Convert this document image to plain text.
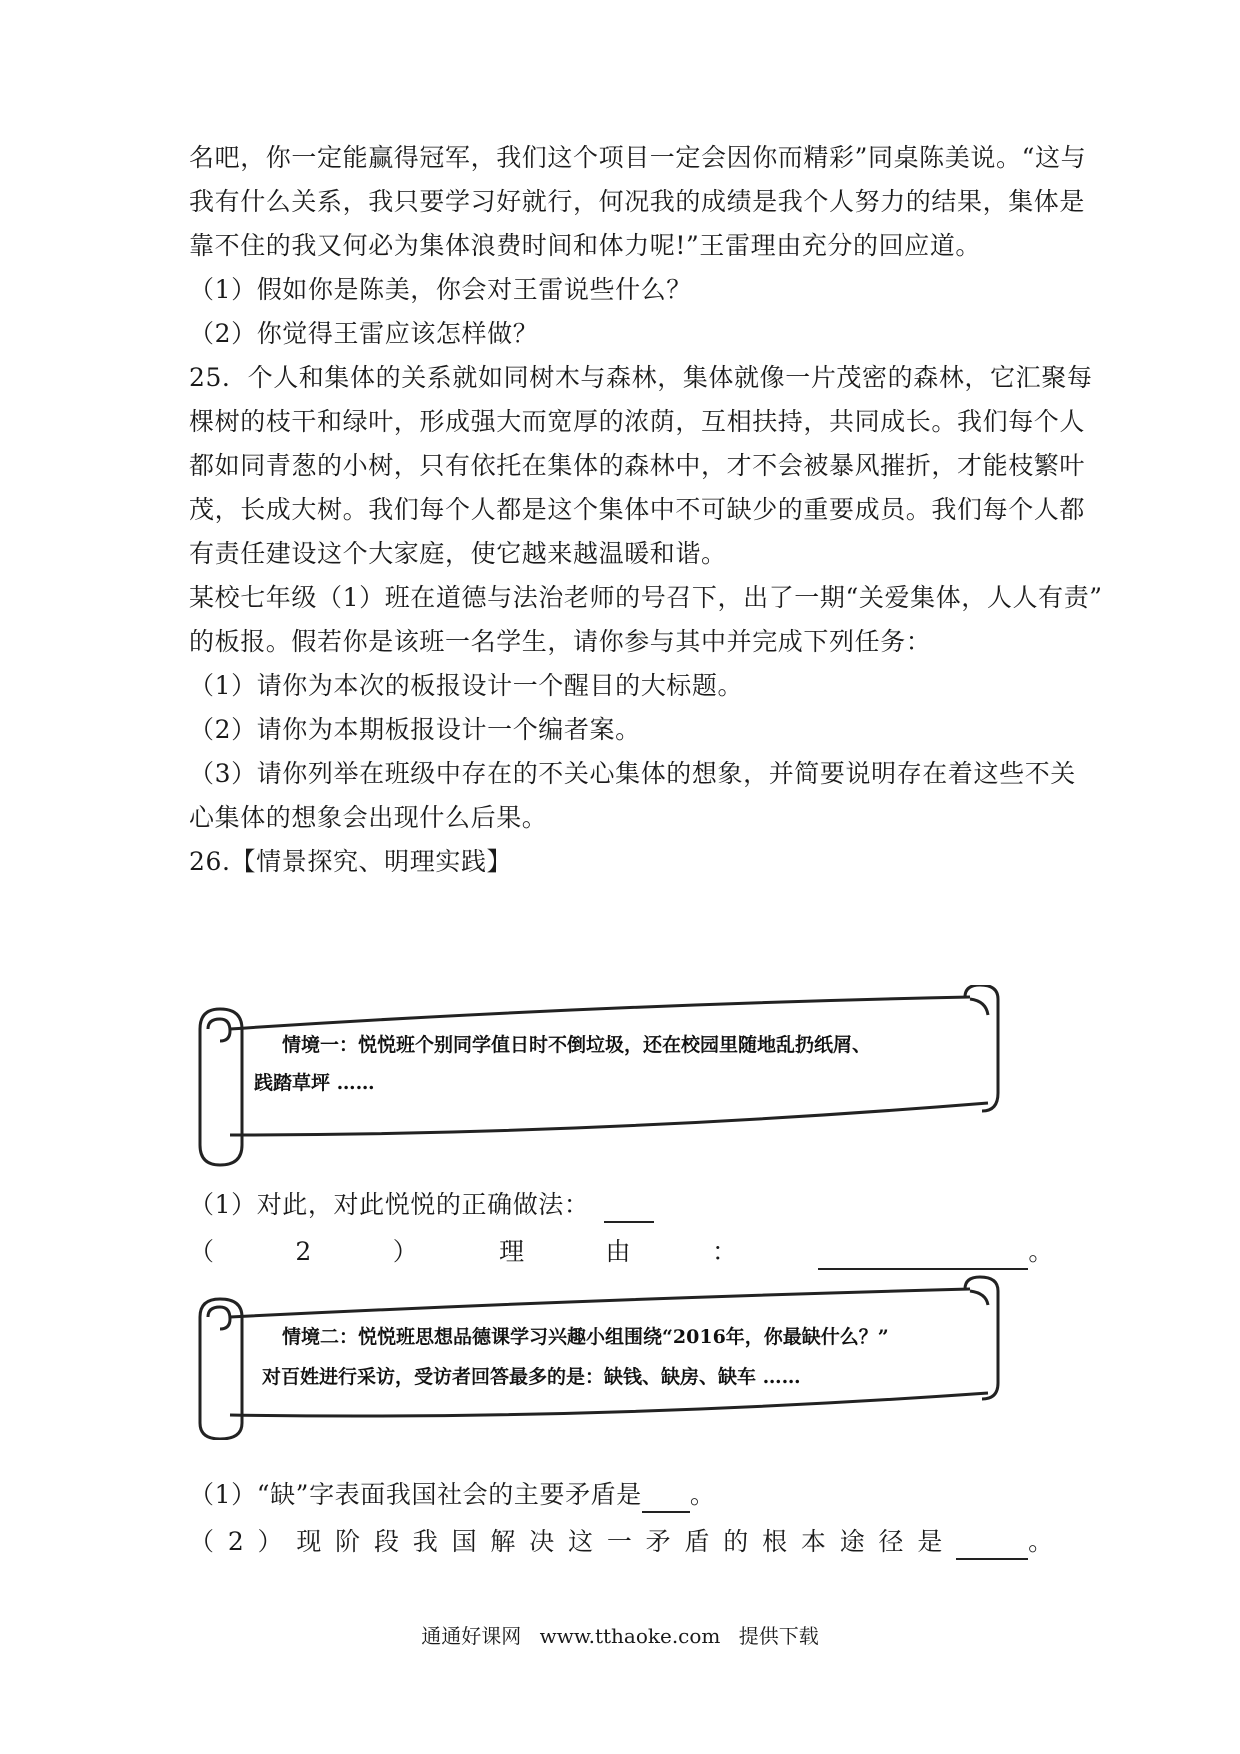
名吧，你一定能赢得冠军，我们这个项目一定会因你而精彩”同桌陈美说。“这与
我有什么关系，我只要学习好就行，何况我的成绩是我个人努力的结果，集体是
靠不住的我又何必为集体浪费时间和体力呢!”王雷理由充分的回应道。
（1）假如你是陈美，你会对王雷说些什么？
（2）你觉得王雷应该怎样做？
25．个人和集体的关系就如同树木与森林，集体就像一片茂密的森林，它汇聚每
棵树的枝干和绿叶，形成强大而宽厚的浓荫，互相扶持，共同成长。我们每个人
都如同青葱的小树，只有依托在集体的森林中，才不会被暴风摧折，才能枝繁叶
茂，长成大树。我们每个人都是这个集体中不可缺少的重要成员。我们每个人都
有责任建设这个大家庭，使它越来越温暖和谐。
某校七年级（1）班在道德与法治老师的号召下，出了一期“关爱集体，人人有责”
的板报。假若你是该班一名学生，请你参与其中并完成下列任务：
（1）请你为本次的板报设计一个醒目的大标题。
（2）请你为本期板报设计一个编者案。
（3）请你列举在班级中存在的不关心集体的想象，并简要说明存在着这些不关
心集体的想象会出现什么后果。
26.【情景探究、明理实践】
情境一：悦悦班个别同学值日时不倒垃圾，还在校园里随地乱扔纸屑、
践踏草坪 ……
（1）对此，对此悦悦的正确做法：
（	2	）	理	由	：	。
情境二：悦悦班思想品德课学习兴趣小组围绕“2016年，你最缺什么？”
对百姓进行采访，受访者回答最多的是：缺钱、缺房、缺车 ……
（1）“缺”字表面我国社会的主要矛盾是 。
（ 2 ） 现 阶 段 我 国 解 决 这 一 矛 盾 的 根 本 途 径 是	。
通通好课网 www.tthaoke.com 提供下载
